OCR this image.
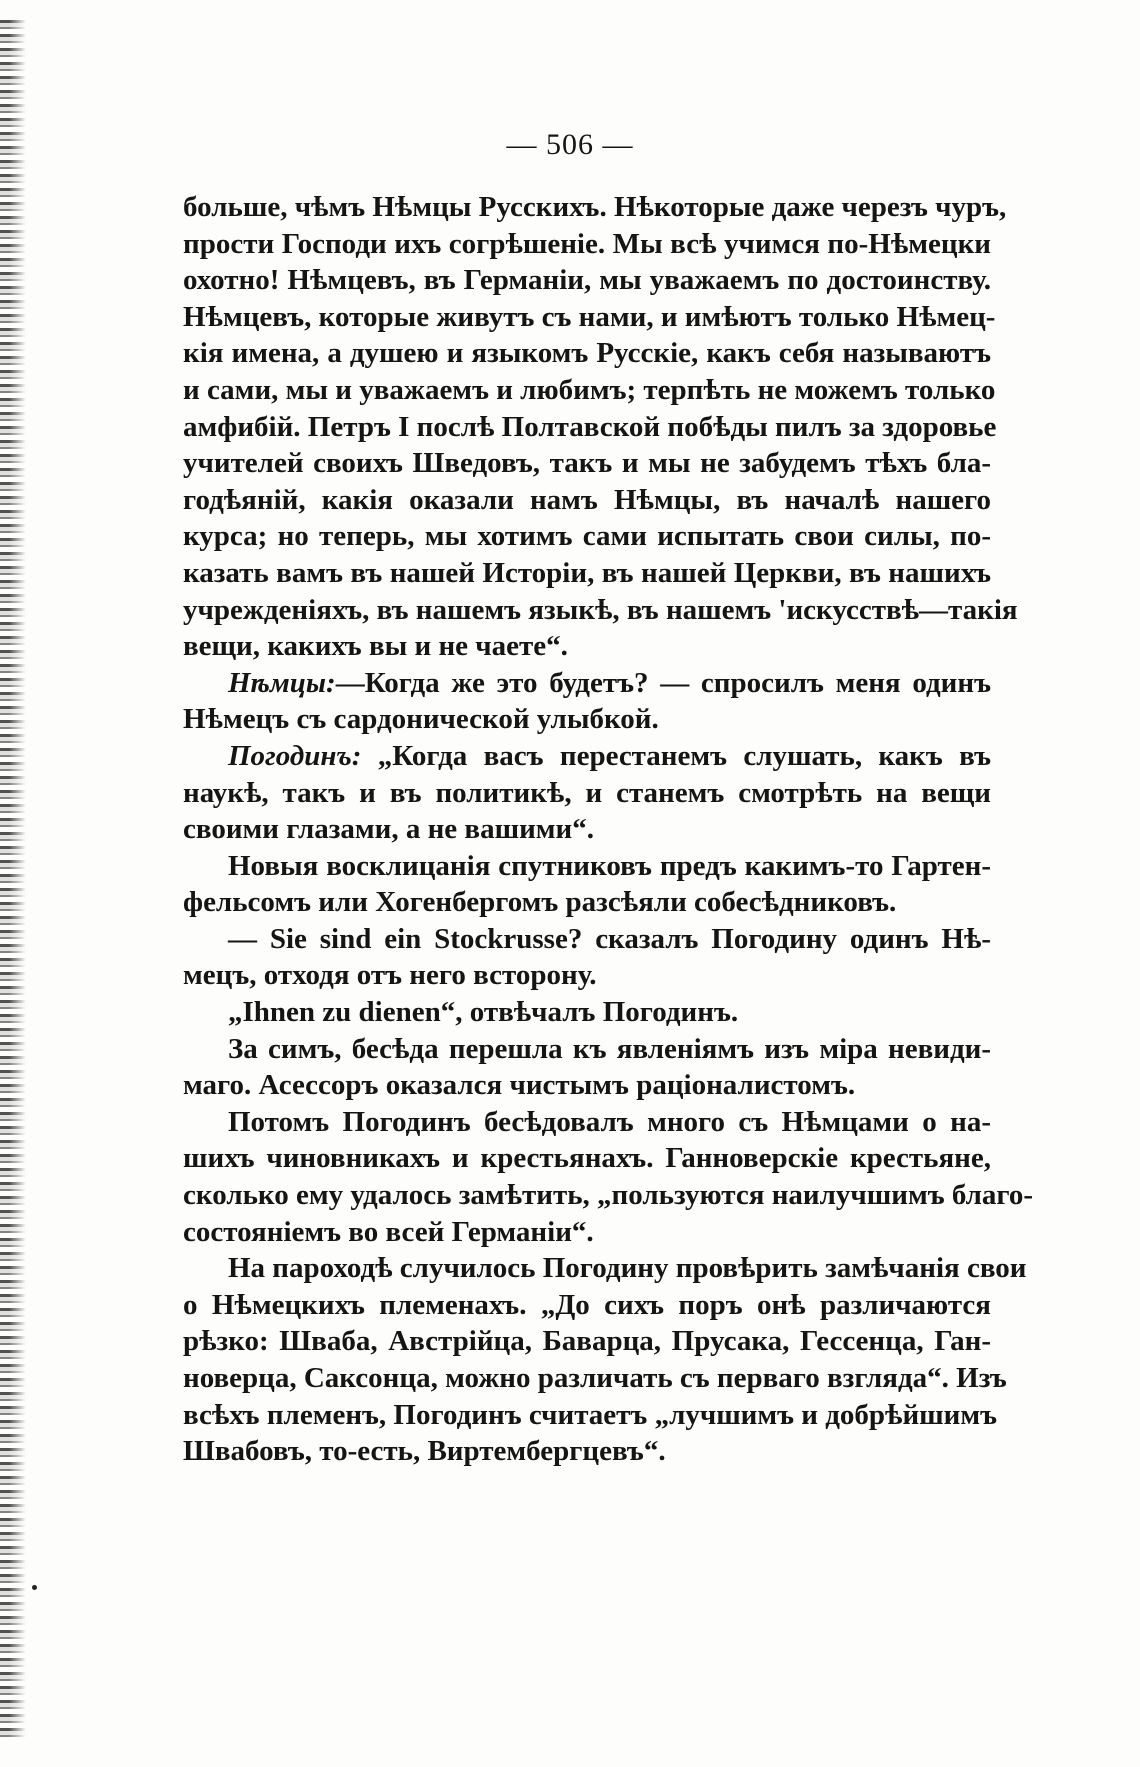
— 506 —
больше, чѣмъ Нѣмцы Русскихъ. Нѣкоторые даже черезъ чуръ,
прости Господи ихъ согрѣшеніе. Мы всѣ учимся по-Нѣмецки
охотно! Нѣмцевъ, въ Германіи, мы уважаемъ по достоинству.
Нѣмцевъ, которые живутъ съ нами, и имѣютъ только Нѣмец-
кія имена, а душею и языкомъ Русскіе, какъ себя называютъ
и сами, мы и уважаемъ и любимъ; терпѣть не можемъ только
амфибій. Петръ I послѣ Полтавской побѣды пилъ за здоровье
учителей своихъ Шведовъ, такъ и мы не забудемъ тѣхъ бла-
годѣяній, какія оказали намъ Нѣмцы, въ началѣ нашего
курса; но теперь, мы хотимъ сами испытать свои силы, по-
казать вамъ въ нашей Исторіи, въ нашей Церкви, въ нашихъ
учрежденіяхъ, въ нашемъ языкѣ, въ нашемъ 'искусствѣ—такія
вещи, какихъ вы и не чаете“.
Нѣмцы:—Когда же это будетъ? — спросилъ меня одинъ
Нѣмецъ съ сардонической улыбкой.
Погодинъ: „Когда васъ перестанемъ слушать, какъ въ
наукѣ, такъ и въ политикѣ, и станемъ смотрѣть на вещи
своими глазами, а не вашими“.
Новыя восклицанія спутниковъ предъ какимъ-то Гартен-
фельсомъ или Хогенбергомъ разсѣяли собесѣдниковъ.
— Sie sind ein Stockrusse? сказалъ Погодину одинъ Нѣ-
мецъ, отходя отъ него всторону.
„Ihnen zu dienen“, отвѣчалъ Погодинъ.
За симъ, бесѣда перешла къ явленіямъ изъ міра невиди-
маго. Асессоръ оказался чистымъ раціоналистомъ.
Потомъ Погодинъ бесѣдовалъ много съ Нѣмцами о на-
шихъ чиновникахъ и крестьянахъ. Ганноверскіе крестьяне,
сколько ему удалось замѣтить, „пользуются наилучшимъ благо-
состояніемъ во всей Германіи“.
На пароходѣ случилось Погодину провѣрить замѣчанія свои
о Нѣмецкихъ племенахъ. „До сихъ поръ онѣ различаются
рѣзко: Шваба, Австрійца, Баварца, Прусака, Гессенца, Ган-
новерца, Саксонца, можно различать съ перваго взгляда“. Изъ
всѣхъ племенъ, Погодинъ считаетъ „лучшимъ и добрѣйшимъ
Швабовъ, то-есть, Виртембергцевъ“.
